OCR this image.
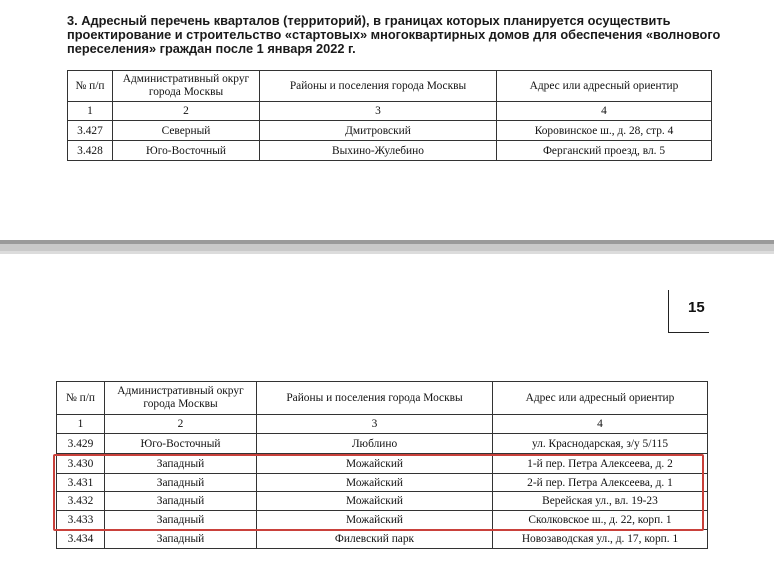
3. Адресный перечень кварталов (территорий), в границах которых планируется осуществить проектирование и строительство «стартовых» многоквартирных домов для обеспечения «волнового переселения» граждан после 1 января 2022 г.
№ п/п	Административный округ города Москвы	Районы и поселения города Москвы	Адрес или адресный ориентир
1	2	3	4
3.427	Северный	Дмитровский	Коровинское ш., д. 28, стр. 4
3.428	Юго-Восточный	Выхино-Жулебино	Ферганский проезд, вл. 5
15
№ п/п	Административный округ города Москвы	Районы и поселения города Москвы	Адрес или адресный ориентир
1	2	3	4
3.429	Юго-Восточный	Люблино	ул. Краснодарская, з/у 5/115
3.430	Западный	Можайский	1-й пер. Петра Алексеева, д. 2
3.431	Западный	Можайский	2-й пер. Петра Алексеева, д. 1
3.432	Западный	Можайский	Верейская ул., вл. 19-23
3.433	Западный	Можайский	Сколковское ш., д. 22, корп. 1
3.434	Западный	Филевский парк	Новозаводская ул., д. 17, корп. 1
